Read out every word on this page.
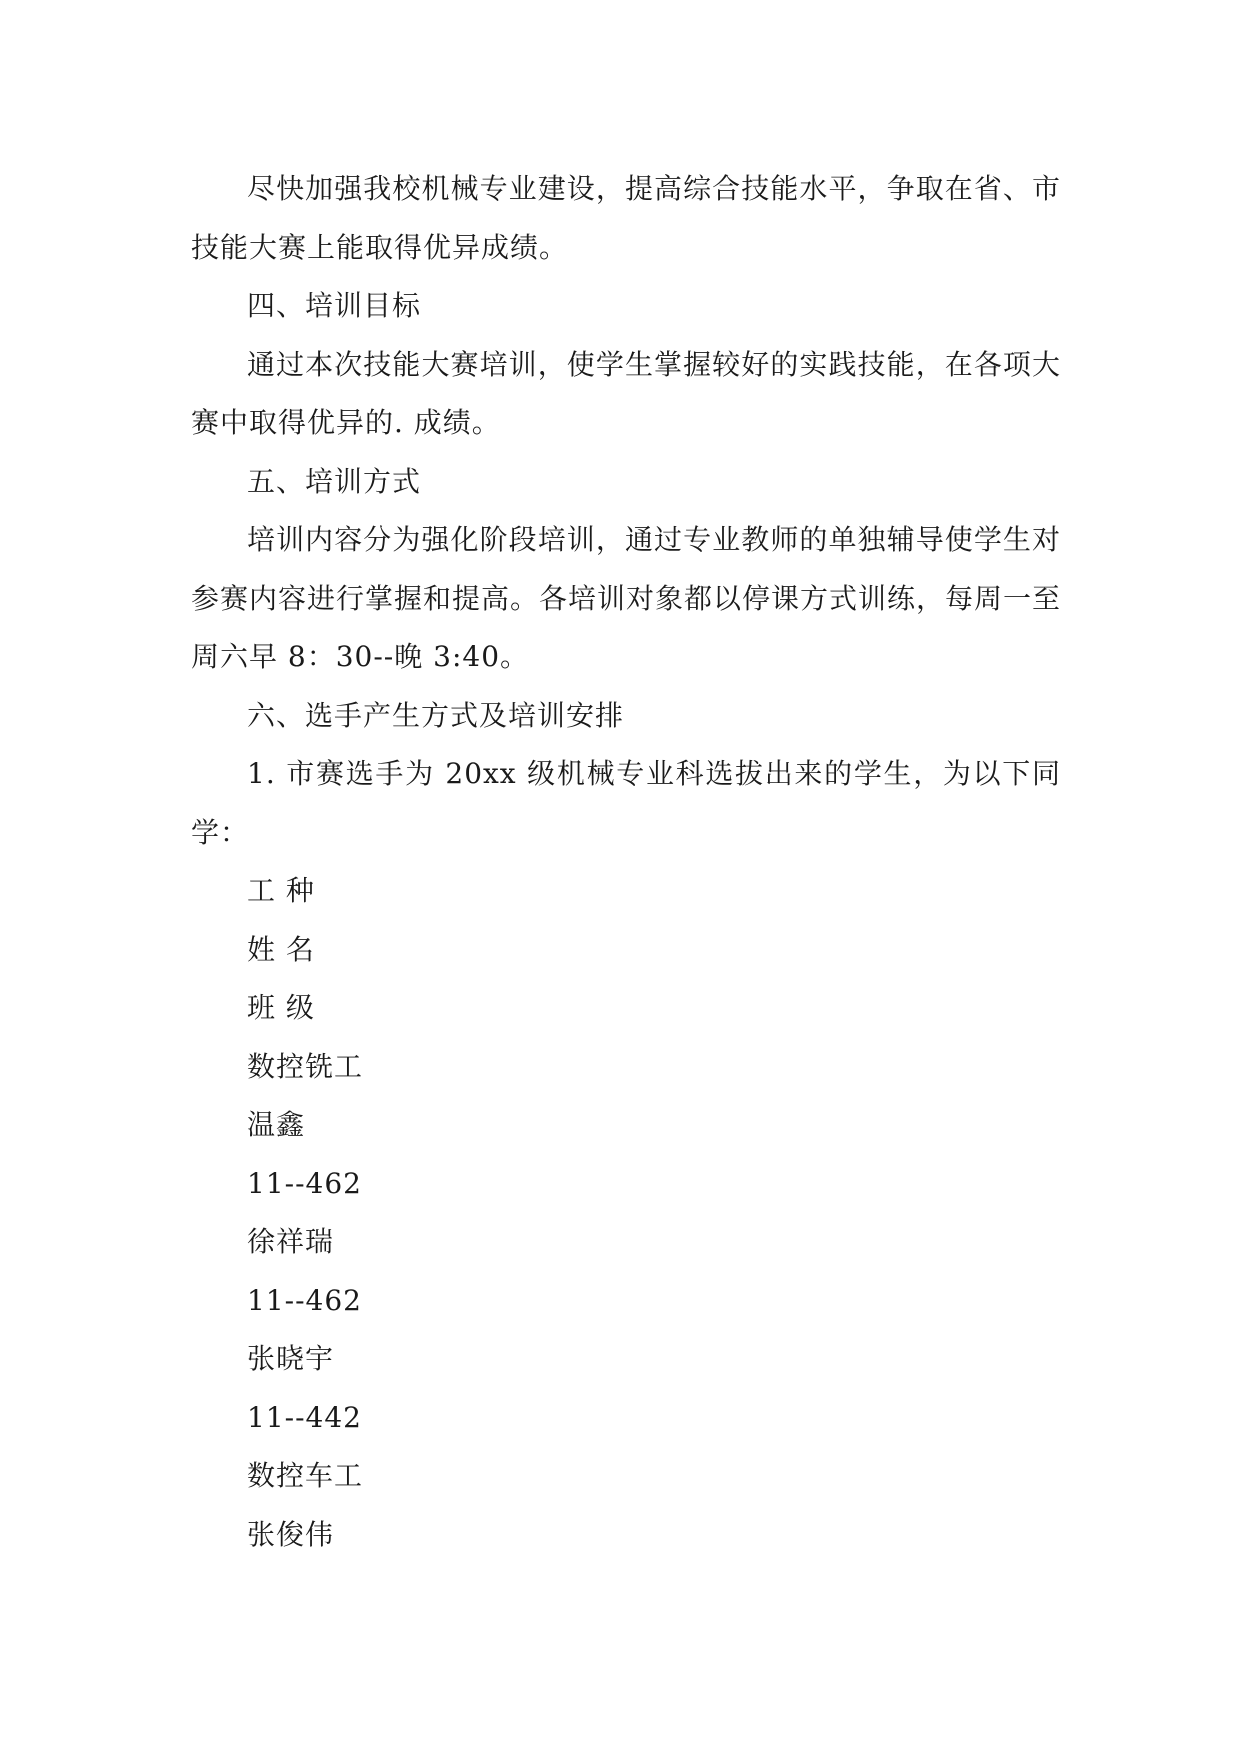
尽快加强我校机械专业建设，提高综合技能水平，争取在省、市技能大赛上能取得优异成绩。

四、培训目标

通过本次技能大赛培训，使学生掌握较好的实践技能，在各项大赛中取得优异的. 成绩。

五、培训方式

培训内容分为强化阶段培训，通过专业教师的单独辅导使学生对参赛内容进行掌握和提高。各培训对象都以停课方式训练，每周一至周六早 8：30--晚 3:40。

六、选手产生方式及培训安排

1. 市赛选手为 20xx 级机械专业科选拔出来的学生，为以下同学：

工 种

姓 名

班 级

数控铣工

温鑫

11--462

徐祥瑞

11--462

张晓宇

11--442

数控车工

张俊伟
